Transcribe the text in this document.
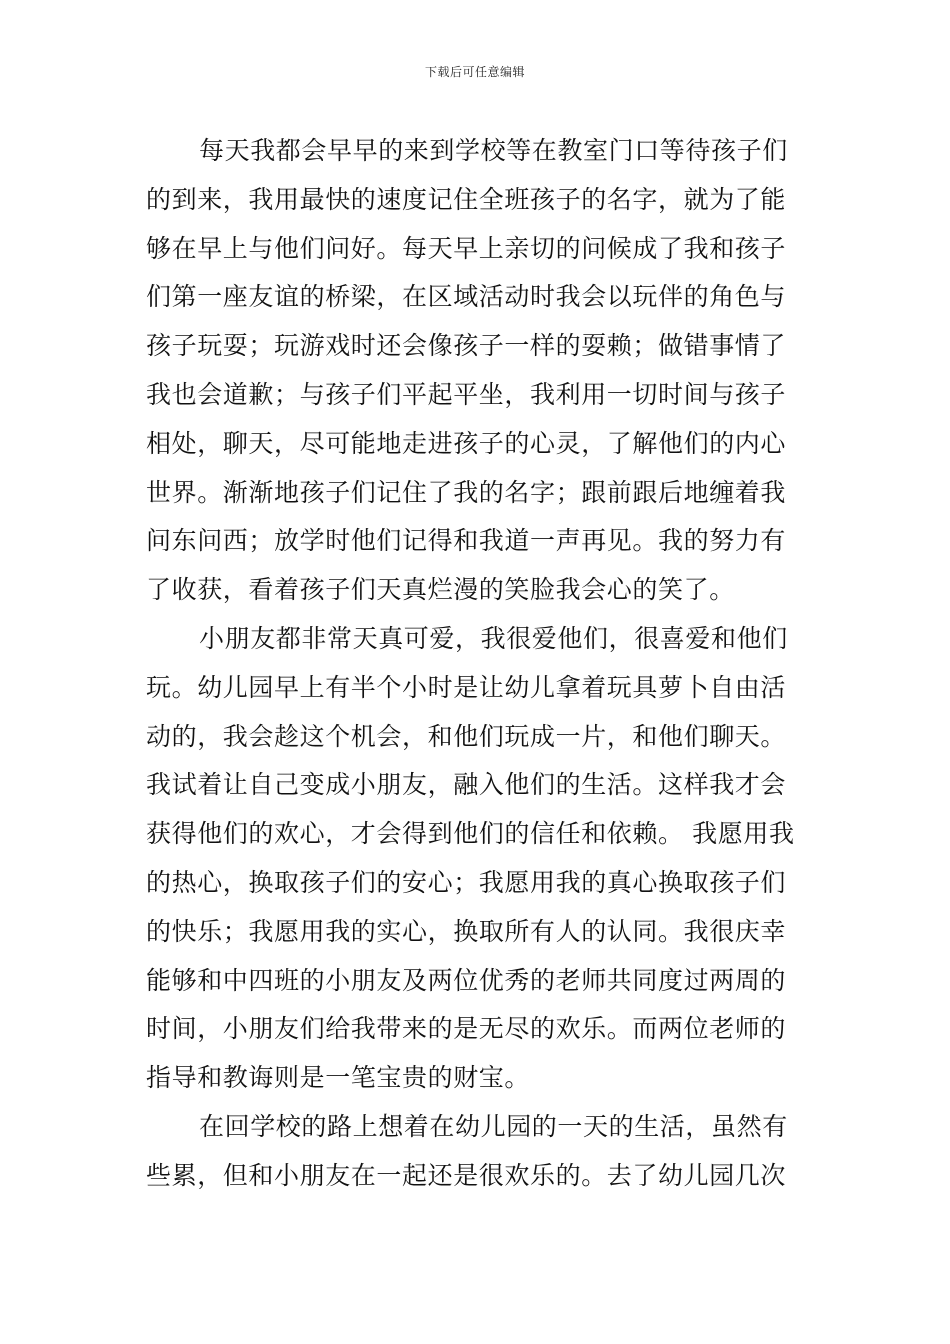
下载后可任意编辑
每天我都会早早的来到学校等在教室门口等待孩子们
的到来，我用最快的速度记住全班孩子的名字，就为了能
够在早上与他们问好。每天早上亲切的问候成了我和孩子
们第一座友谊的桥梁，在区域活动时我会以玩伴的角色与
孩子玩耍；玩游戏时还会像孩子一样的耍赖；做错事情了
我也会道歉；与孩子们平起平坐，我利用一切时间与孩子
相处，聊天，尽可能地走进孩子的心灵，了解他们的内心
世界。渐渐地孩子们记住了我的名字；跟前跟后地缠着我
问东问西；放学时他们记得和我道一声再见。我的努力有
了收获，看着孩子们天真烂漫的笑脸我会心的笑了。
小朋友都非常天真可爱，我很爱他们，很喜爱和他们
玩。幼儿园早上有半个小时是让幼儿拿着玩具萝卜自由活
动的，我会趁这个机会，和他们玩成一片，和他们聊天。
我试着让自己变成小朋友，融入他们的生活。这样我才会
获得他们的欢心，才会得到他们的信任和依赖。 我愿用我
的热心，换取孩子们的安心；我愿用我的真心换取孩子们
的快乐；我愿用我的实心，换取所有人的认同。我很庆幸
能够和中四班的小朋友及两位优秀的老师共同度过两周的
时间，小朋友们给我带来的是无尽的欢乐。而两位老师的
指导和教诲则是一笔宝贵的财宝。
在回学校的路上想着在幼儿园的一天的生活，虽然有
些累，但和小朋友在一起还是很欢乐的。去了幼儿园几次
